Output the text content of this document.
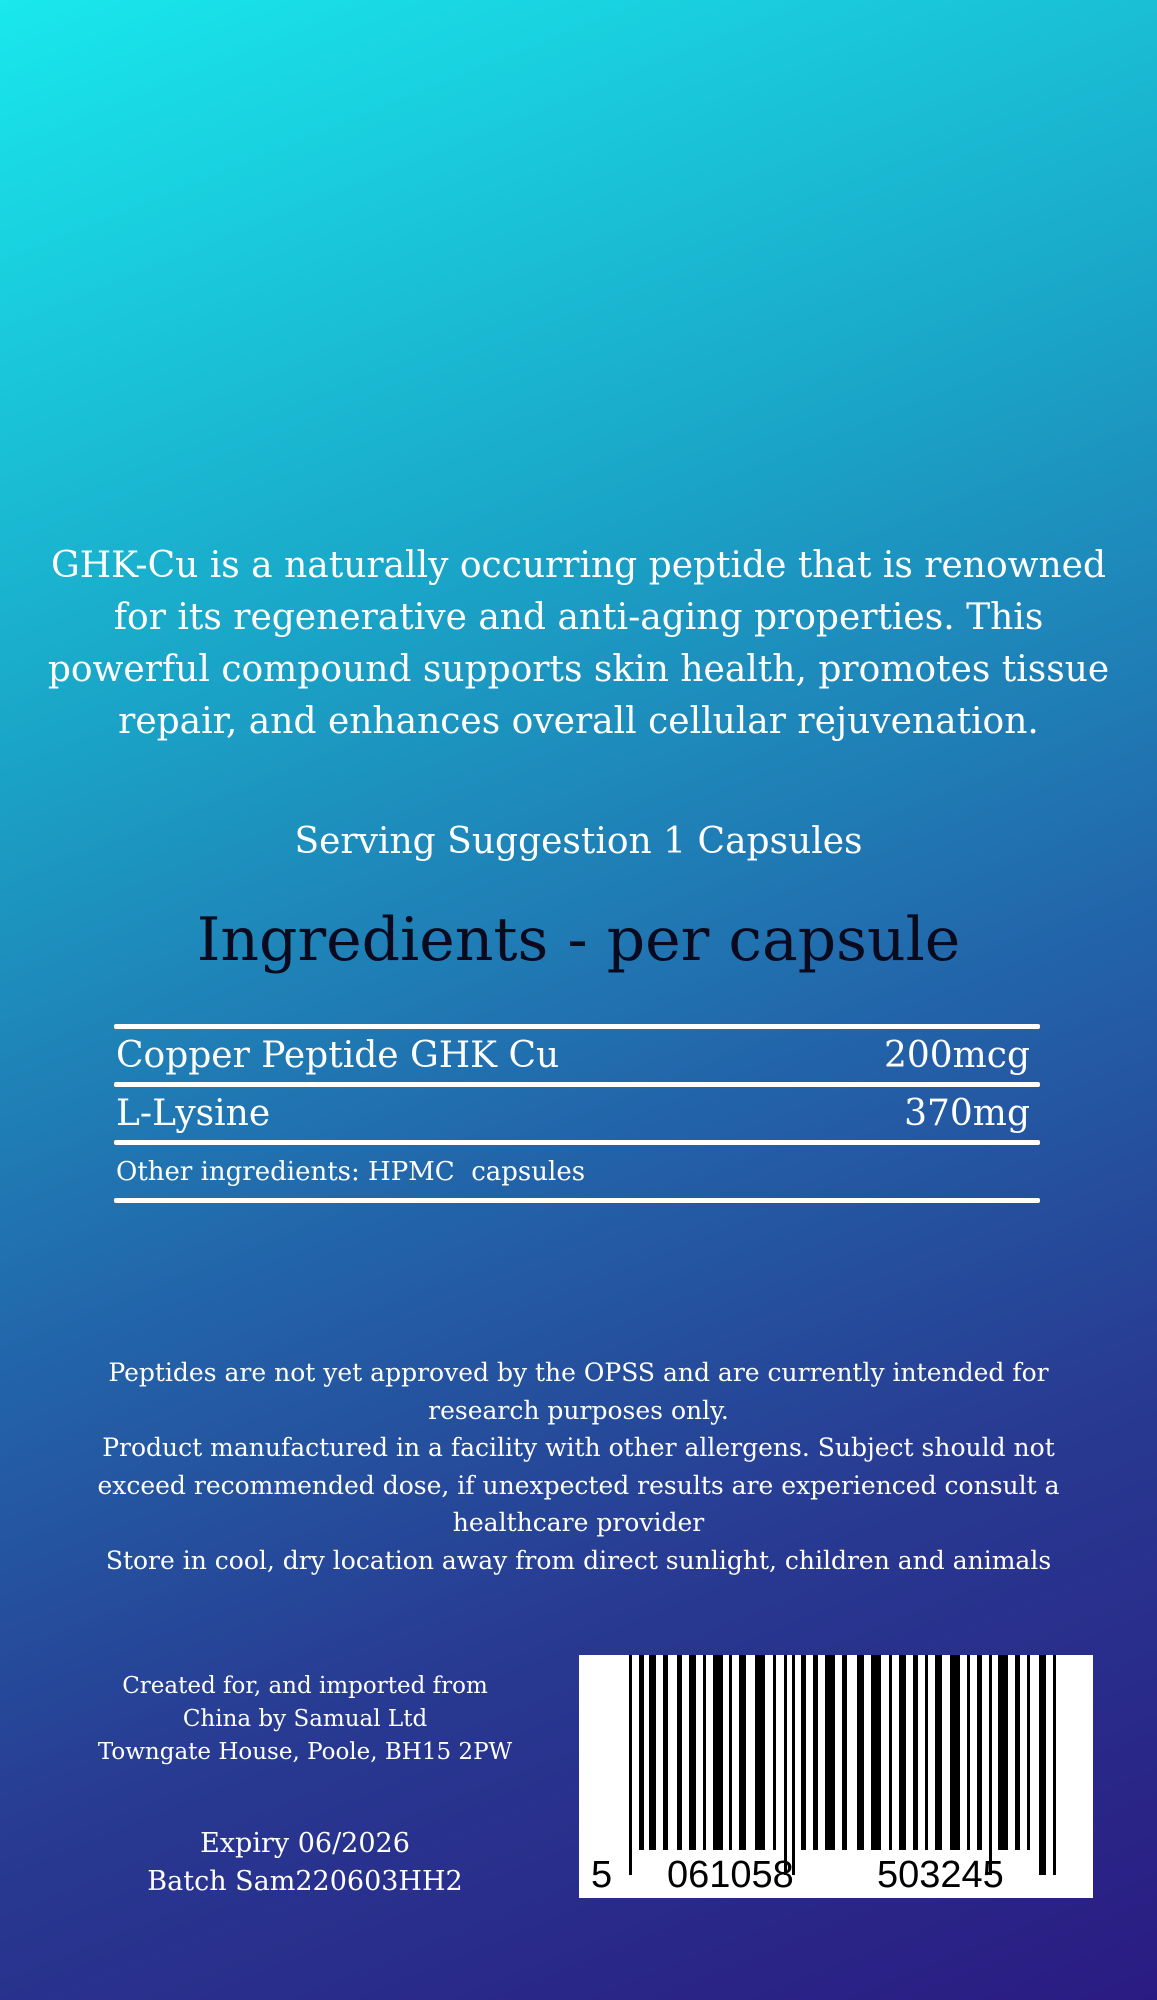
GHK-Cu is a naturally occurring peptide that is renowned for its regenerative and anti-aging properties. This powerful compound supports skin health, promotes tissue repair, and enhances overall cellular rejuvenation.
Serving Suggestion 1 Capsules
Ingredients - per capsule
Copper Peptide GHK Cu	200mcg
L-Lysine	370mg
Other ingredients: HPMC  capsules

Peptides are not yet approved by the OPSS and are currently intended for research purposes only.

Product manufactured in a facility with other allergens. Subject should not exceed recommended dose, if unexpected results are experienced consult a healthcare provider

Store in cool, dry location away from direct sunlight, children and animals

Created for, and imported from

China by Samual Ltd

Towngate House, Poole, BH15 2PW

Expiry 06/2026

Batch Sam220603HH2	5 061058 503245
